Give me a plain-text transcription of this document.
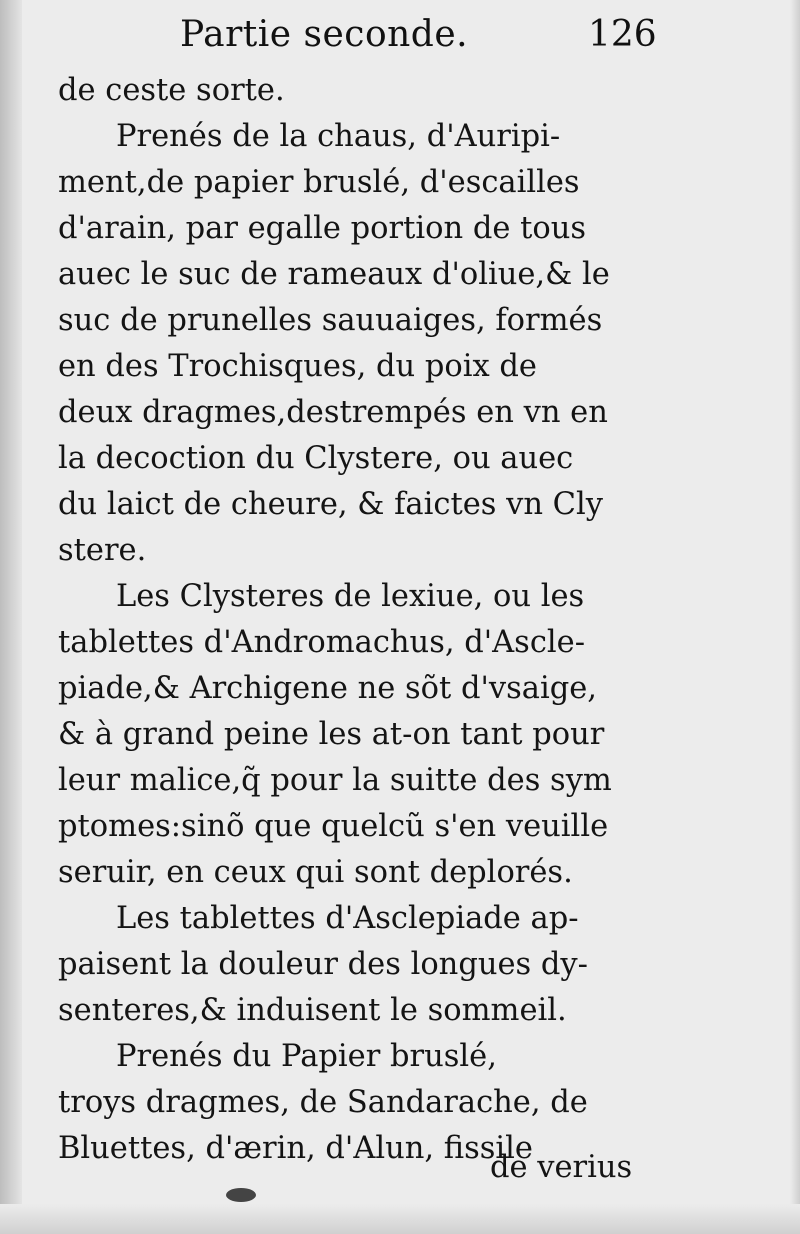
Partie seconde.	126
de ceste sorte.
Prenés de la chaus, d'Auripi-
ment,de papier bruslé, d'escailles
d'arain, par egalle portion de tous
auec le suc de rameaux d'oliue,& le
suc de prunelles sauuaiges, formés
en des Trochisques, du poix de
deux dragmes,destrempés en vn en
la decoction du Clystere, ou auec
du laict de cheure, & faictes vn Cly
stere.
Les Clysteres de lexiue, ou les
tablettes d'Andromachus, d'Ascle-
piade,& Archigene ne sõt d'vsaige,
& à grand peine les at-on tant pour
leur malice,q̃ pour la suitte des sym
ptomes:sinõ que quelcũ s'en veuille
seruir, en ceux qui sont deplorés.
Les tablettes d'Asclepiade ap-
paisent la douleur des longues dy-
senteres,& induisent le sommeil.
Prenés du Papier bruslé,
troys dragmes, de Sandarache, de
Bluettes, d'ærin, d'Alun, fissile
de verius
